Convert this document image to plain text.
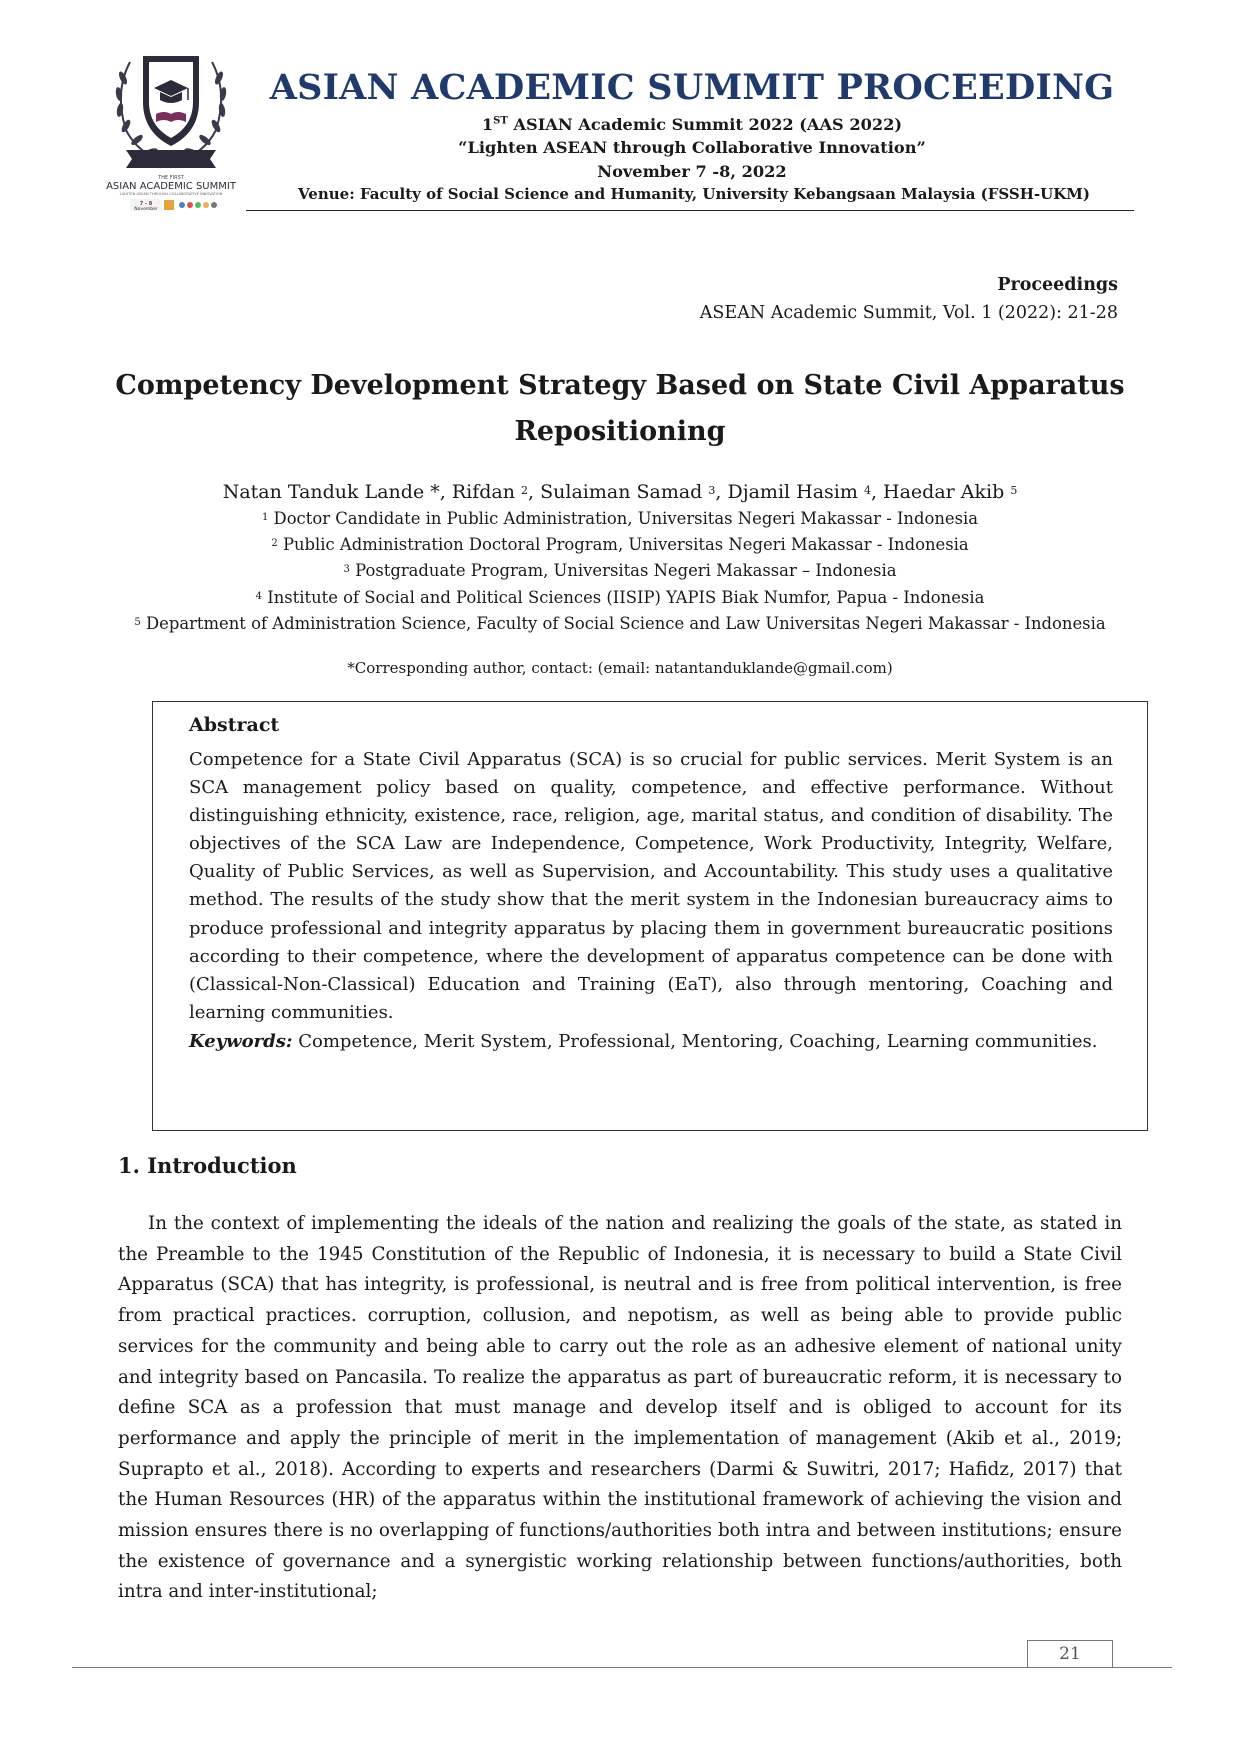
THE FIRST
ASIAN ACADEMIC SUMMIT
LIGHTEN ASEAN THROUGH COLLABORATIVE INNOVATION
7 - 8
November
ASIAN ACADEMIC SUMMIT PROCEEDING
1ST ASIAN Academic Summit 2022 (AAS 2022)
“Lighten ASEAN through Collaborative Innovation”
November 7 -8, 2022
Venue: Faculty of Social Science and Humanity, University Kebangsaan Malaysia (FSSH-UKM)
Proceedings
ASEAN Academic Summit, Vol. 1 (2022): 21-28
Competency Development Strategy Based on State Civil Apparatus
Repositioning
Natan Tanduk Lande *, Rifdan $^2$, Sulaiman Samad $^3$, Djamil Hasim $^4$, Haedar Akib $^5$
$^1$ Doctor Candidate in Public Administration, Universitas Negeri Makassar - Indonesia
$^2$ Public Administration Doctoral Program, Universitas Negeri Makassar - Indonesia
$^3$ Postgraduate Program, Universitas Negeri Makassar – Indonesia
$^4$ Institute of Social and Political Sciences (IISIP) YAPIS Biak Numfor, Papua - Indonesia
$^5$ Department of Administration Science, Faculty of Social Science and Law Universitas Negeri Makassar - Indonesia
*Corresponding author, contact: (email: natantanduklande@gmail.com)
Abstract

Competence for a State Civil Apparatus (SCA) is so crucial for public services. Merit System is an SCA management policy based on quality, competence, and effective performance. Without distinguishing ethnicity, existence, race, religion, age, marital status, and condition of disability. The objectives of the SCA Law are Independence, Competence, Work Productivity, Integrity, Welfare, Quality of Public Services, as well as Supervision, and Accountability. This study uses a qualitative method. The results of the study show that the merit system in the Indonesian bureaucracy aims to produce professional and integrity apparatus by placing them in government bureaucratic positions according to their competence, where the development of apparatus competence can be done with (Classical-Non-Classical) Education and Training (EaT), also through mentoring, Coaching and learning communities.

Keywords: Competence, Merit System, Professional, Mentoring, Coaching, Learning communities.
1. Introduction

In the context of implementing the ideals of the nation and realizing the goals of the state, as stated in the Preamble to the 1945 Constitution of the Republic of Indonesia, it is necessary to build a State Civil Apparatus (SCA) that has integrity, is professional, is neutral and is free from political intervention, is free from practical practices. corruption, collusion, and nepotism, as well as being able to provide public services for the community and being able to carry out the role as an adhesive element of national unity and integrity based on Pancasila. To realize the apparatus as part of bureaucratic reform, it is necessary to define SCA as a profession that must manage and develop itself and is obliged to account for its performance and apply the principle of merit in the implementation of management (Akib et al., 2019; Suprapto et al., 2018). According to experts and researchers (Darmi & Suwitri, 2017; Hafidz, 2017) that the Human Resources (HR) of the apparatus within the institutional framework of achieving the vision and mission ensures there is no overlapping of functions/authorities both intra and between institutions; ensure the existence of governance and a synergistic working relationship between functions/authorities, both intra and inter-institutional;

21
